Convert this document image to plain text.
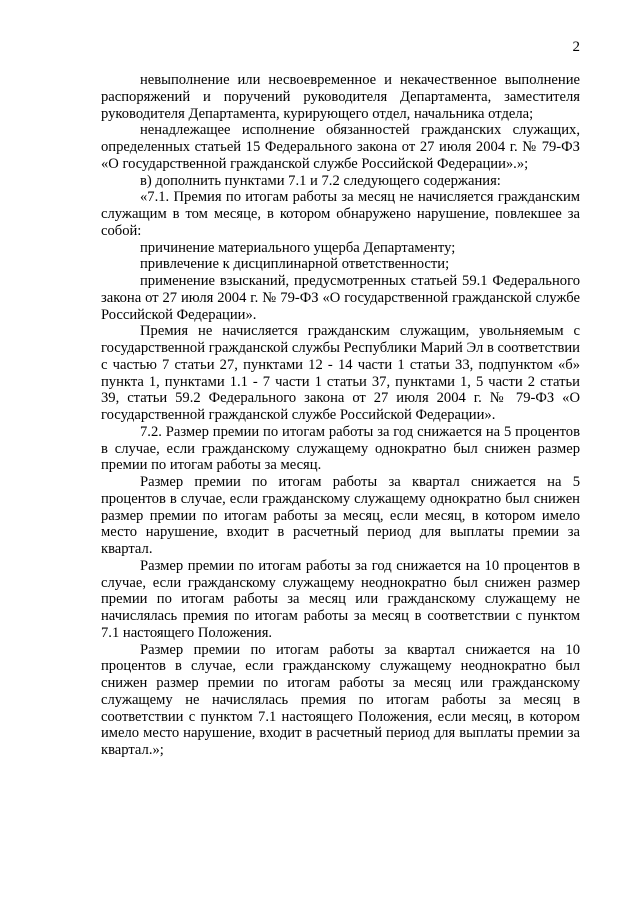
2

невыполнение или несвоевременное и некачественное выполнение распоряжений и поручений руководителя Департамента, заместителя руководителя Департамента, курирующего отдел, начальника отдела;

ненадлежащее исполнение обязанностей гражданских служащих, определенных статьей 15 Федерального закона от 27 июля 2004 г. № 79-ФЗ «О государственной гражданской службе Российской Федерации».»;

в) дополнить пунктами 7.1 и 7.2 следующего содержания:

«7.1. Премия по итогам работы за месяц не начисляется гражданским служащим в том месяце, в котором обнаружено нарушение, повлекшее за собой:

причинение материального ущерба Департаменту;

привлечение к дисциплинарной ответственности;

применение взысканий, предусмотренных статьей 59.1 Федерального закона от 27 июля 2004 г. № 79-ФЗ «О государственной гражданской службе Российской Федерации».

Премия не начисляется гражданским служащим, увольняемым с государственной гражданской службы Республики Марий Эл в соответствии с частью 7 статьи 27, пунктами 12 - 14 части 1 статьи 33, подпунктом «б» пункта 1, пунктами 1.1 - 7 части 1 статьи 37, пунктами 1, 5 части 2 статьи 39, статьи 59.2 Федерального закона от 27 июля 2004 г. № 79-ФЗ «О государственной гражданской службе Российской Федерации».

7.2. Размер премии по итогам работы за год снижается на 5 процентов в случае, если гражданскому служащему однократно был снижен размер премии по итогам работы за месяц.

Размер премии по итогам работы за квартал снижается на 5 процентов в случае, если гражданскому служащему однократно был снижен размер премии по итогам работы за месяц, если месяц, в котором имело место нарушение, входит в расчетный период для выплаты премии за квартал.

Размер премии по итогам работы за год снижается на 10 процентов в случае, если гражданскому служащему неоднократно был снижен размер премии по итогам работы за месяц или гражданскому служащему не начислялась премия по итогам работы за месяц в соответствии с пунктом 7.1 настоящего Положения.

Размер премии по итогам работы за квартал снижается на 10 процентов в случае, если гражданскому служащему неоднократно был снижен размер премии по итогам работы за месяц или гражданскому служащему не начислялась премия по итогам работы за месяц в соответствии с пунктом 7.1 настоящего Положения, если месяц, в котором имело место нарушение, входит в расчетный период для выплаты премии за квартал.»;
